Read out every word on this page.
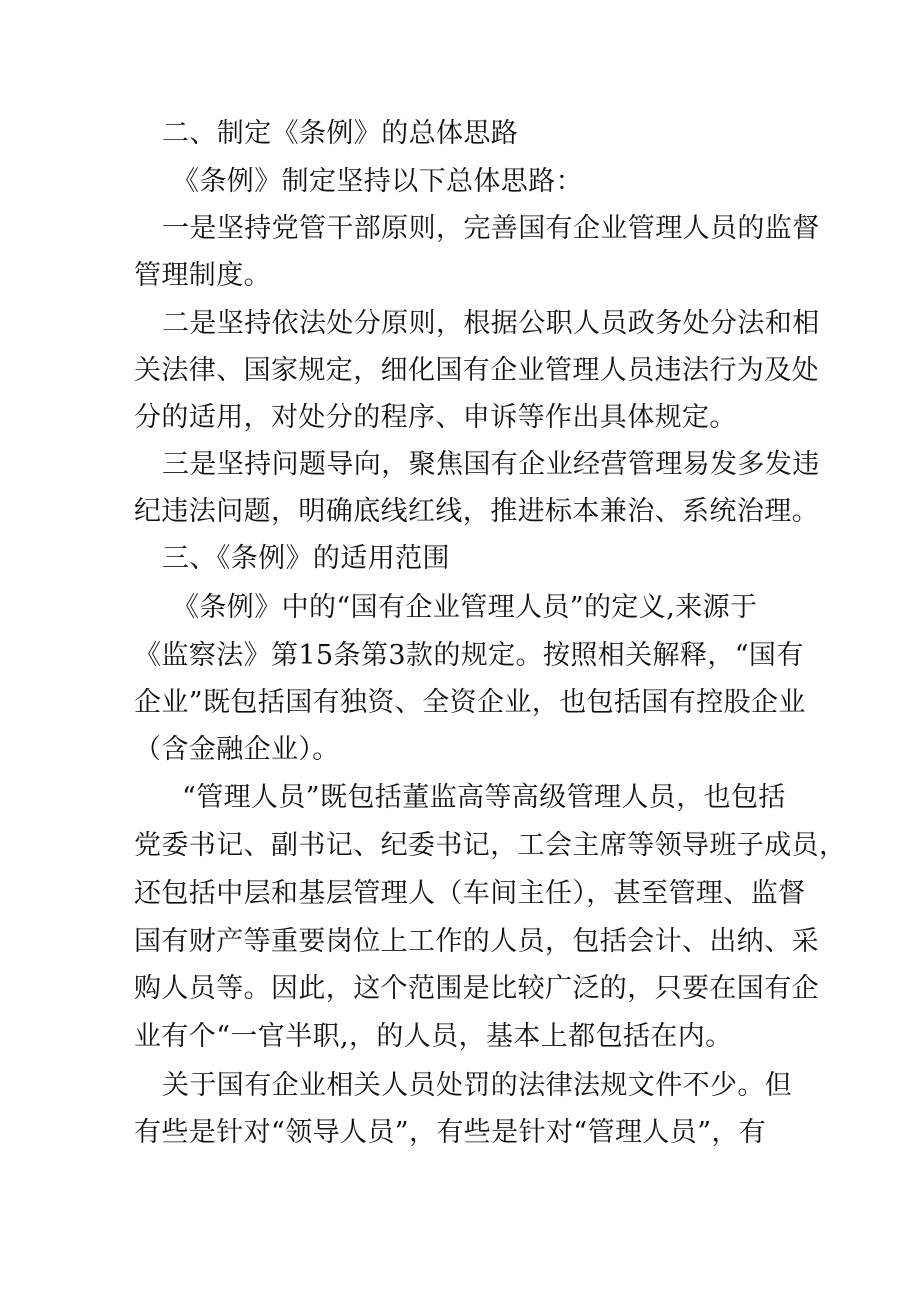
二、制定《条例》的总体思路
《条例》制定坚持以下总体思路：
一是坚持党管干部原则，完善国有企业管理人员的监督
管理制度。
二是坚持依法处分原则，根据公职人员政务处分法和相
关法律、国家规定，细化国有企业管理人员违法行为及处
分的适用，对处分的程序、申诉等作出具体规定。
三是坚持问题导向，聚焦国有企业经营管理易发多发违
纪违法问题，明确底线红线，推进标本兼治、系统治理。
三、《条例》的适用范围
《条例》中的“国有企业管理人员”的定义,来源于
《监察法》第15条第3款的规定。按照相关解释，“国有
企业”既包括国有独资、全资企业，也包括国有控股企业
（含金融企业）。
“管理人员”既包括董监高等高级管理人员，也包括
党委书记、副书记、纪委书记，工会主席等领导班子成员，
还包括中层和基层管理人（车间主任），甚至管理、监督
国有财产等重要岗位上工作的人员，包括会计、出纳、采
购人员等。因此，这个范围是比较广泛的，只要在国有企
业有个“一官半职,，的人员，基本上都包括在内。
关于国有企业相关人员处罚的法律法规文件不少。但
有些是针对“领导人员”，有些是针对“管理人员”，有
